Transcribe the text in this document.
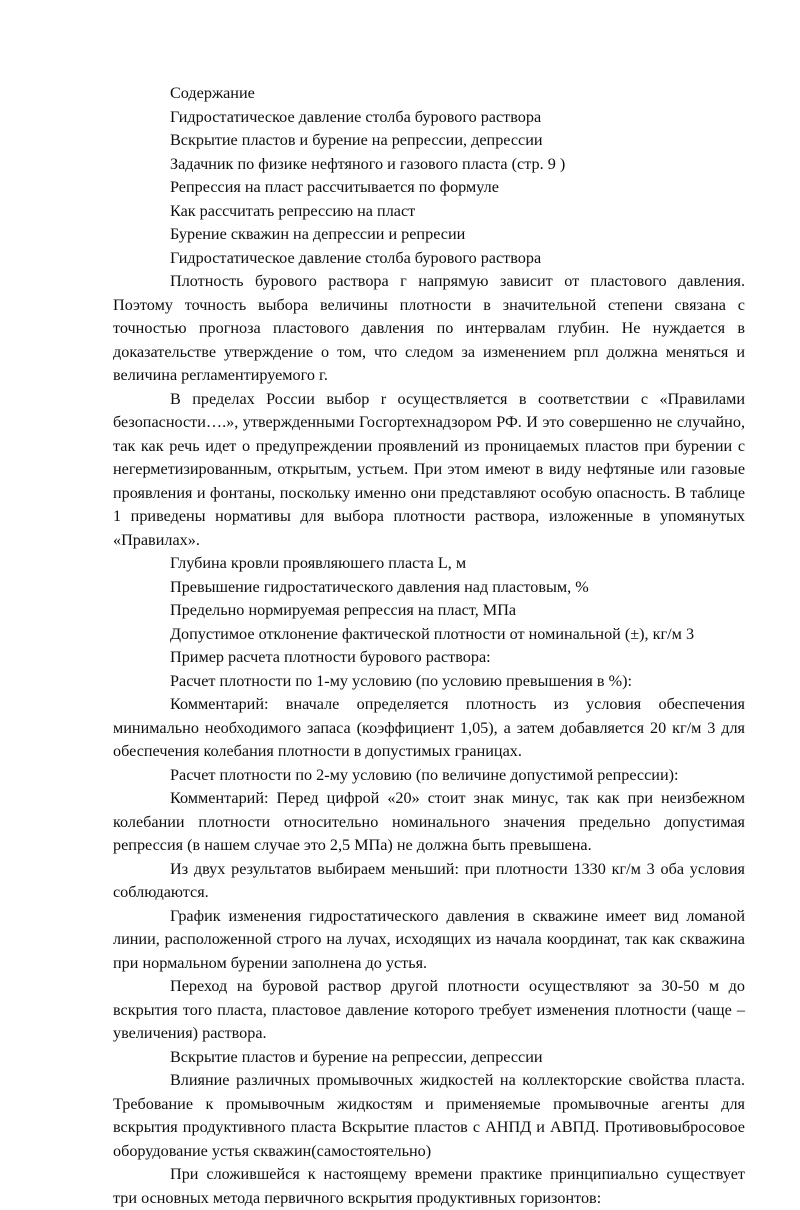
Содержание

Гидростатическое давление столба бурового раствора

Вскрытие пластов и бурение на репрессии, депрессии

Задачник по физике нефтяного и газового пласта (стр. 9 )

Репрессия на пласт рассчитывается по формуле

Как рассчитать репрессию на пласт

Бурение скважин на депрессии и репресии

Гидростатическое давление столба бурового раствора

Плотность бурового раствора г напрямую зависит от пластового давления. Поэтому точность выбора величины плотности в значительной степени связана с точностью прогноза пластового давления по интервалам глубин. Не нуждается в доказательстве утверждение о том, что следом за изменением рпл должна меняться и величина регламентируемого г.

В пределах России выбор r осуществляется в соответствии с «Правилами безопасности….», утвержденными Госгортехнадзором РФ. И это совершенно не случайно, так как речь идет о предупреждении проявлений из проницаемых пластов при бурении с негерметизированным, открытым, устьем. При этом имеют в виду нефтяные или газовые проявления и фонтаны, поскольку именно они представляют особую опасность. В таблице 1 приведены нормативы для выбора плотности раствора, изложенные в упомянутых «Правилах».

Глубина кровли проявляюшего пласта L, м

Превышение гидростатического давления над пластовым, %

Предельно нормируемая репрессия на пласт, МПа

Допустимое отклонение фактической плотности от номинальной (±), кг/м 3

Пример расчета плотности бурового раствора:

Расчет плотности по 1-му условию (по условию превышения в %):

Комментарий: вначале определяется плотность из условия обеспечения минимально необходимого запаса (коэффициент 1,05), а затем добавляется 20 кг/м 3 для обеспечения колебания плотности в допустимых границах.

Расчет плотности по 2-му условию (по величине допустимой репрессии):

Комментарий: Перед цифрой «20» стоит знак минус, так как при неизбежном колебании плотности относительно номинального значения предельно допустимая репрессия (в нашем случае это 2,5 МПа) не должна быть превышена.

Из двух результатов выбираем меньший: при плотности 1330 кг/м 3 оба условия соблюдаются.

График изменения гидростатического давления в скважине имеет вид ломаной линии, расположенной строго на лучах, исходящих из начала координат, так как скважина при нормальном бурении заполнена до устья.

Переход на буровой раствор другой плотности осуществляют за 30-50 м до вскрытия того пласта, пластовое давление которого требует изменения плотности (чаще – увеличения) раствора.

Вскрытие пластов и бурение на репрессии, депрессии

Влияние различных промывочных жидкостей на коллекторские свойства пласта. Требование к промывочным жидкостям и применяемые промывочные агенты для вскрытия продуктивного пласта Вскрытие пластов с АНПД и АВПД. Противовыбросовое оборудование устья скважин(самостоятельно)

При сложившейся к настоящему времени практике принципиально существует три основных метода первичного вскрытия продуктивных горизонтов:
